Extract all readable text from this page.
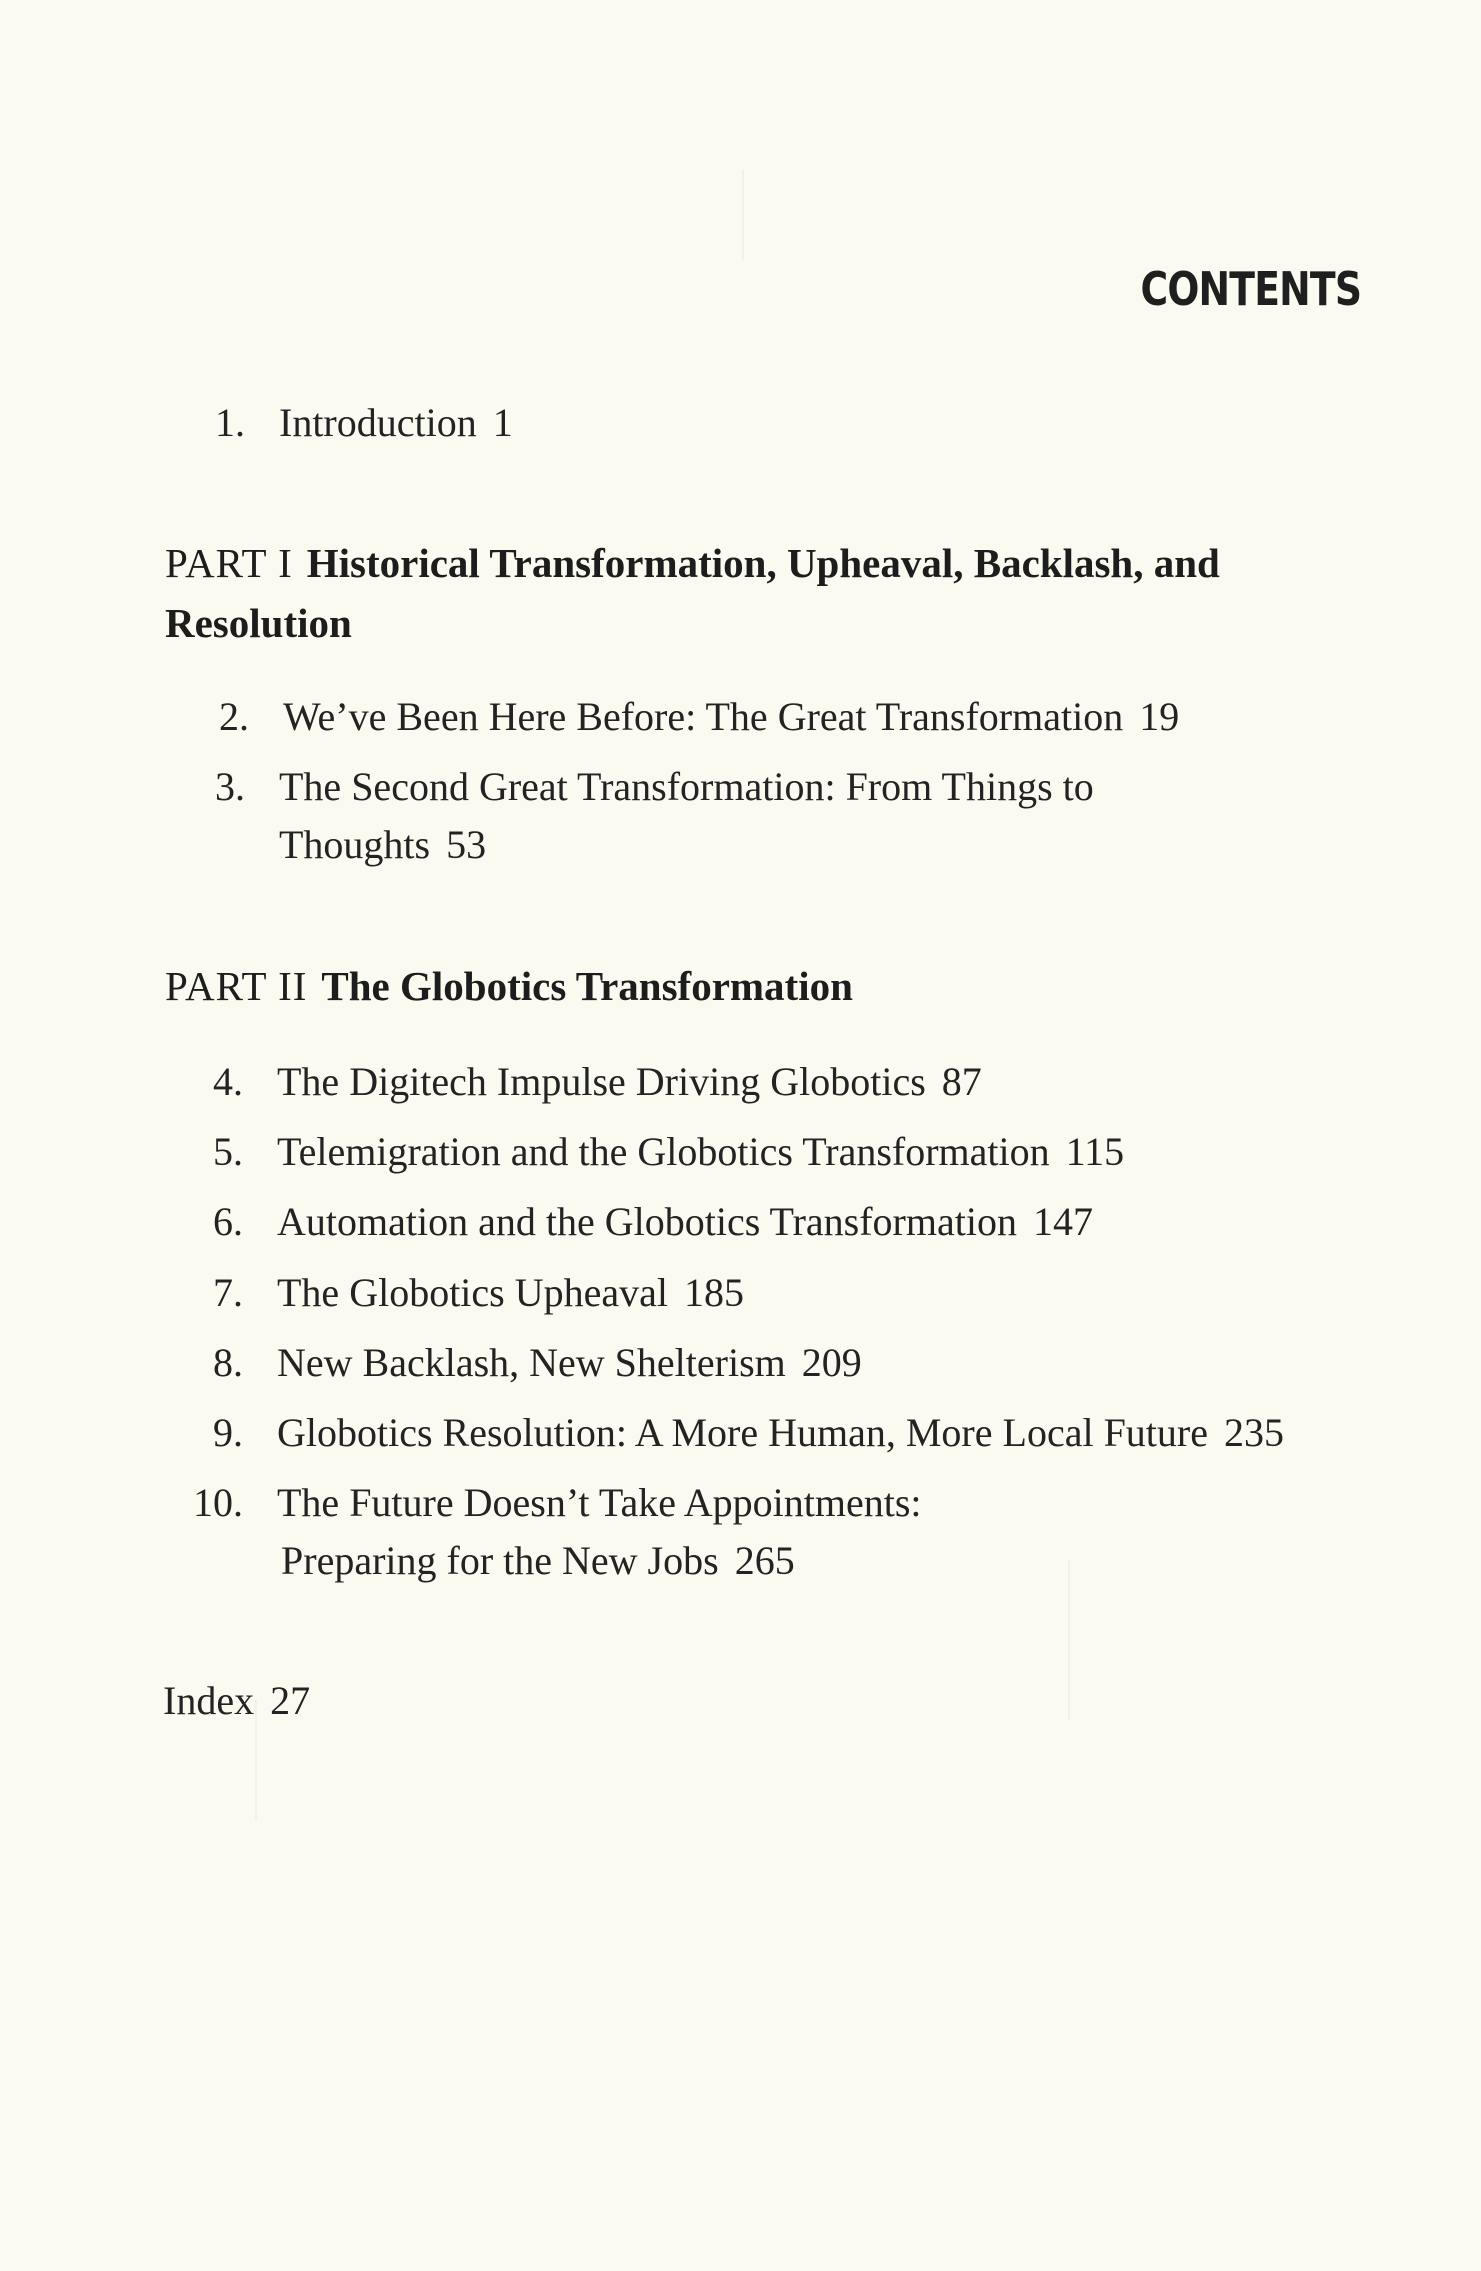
CONTENTS
1. Introduction 1
PART I Historical Transformation, Upheaval, Backlash, and
Resolution
2. We’ve Been Here Before: The Great Transformation 19
3. The Second Great Transformation: From Things to
Thoughts 53
PART II The Globotics Transformation
4. The Digitech Impulse Driving Globotics 87
5. Telemigration and the Globotics Transformation 115
6. Automation and the Globotics Transformation 147
7. The Globotics Upheaval 185
8. New Backlash, New Shelterism 209
9. Globotics Resolution: A More Human, More Local Future 235
10. The Future Doesn’t Take Appointments:
Preparing for the New Jobs 265
Index 27
